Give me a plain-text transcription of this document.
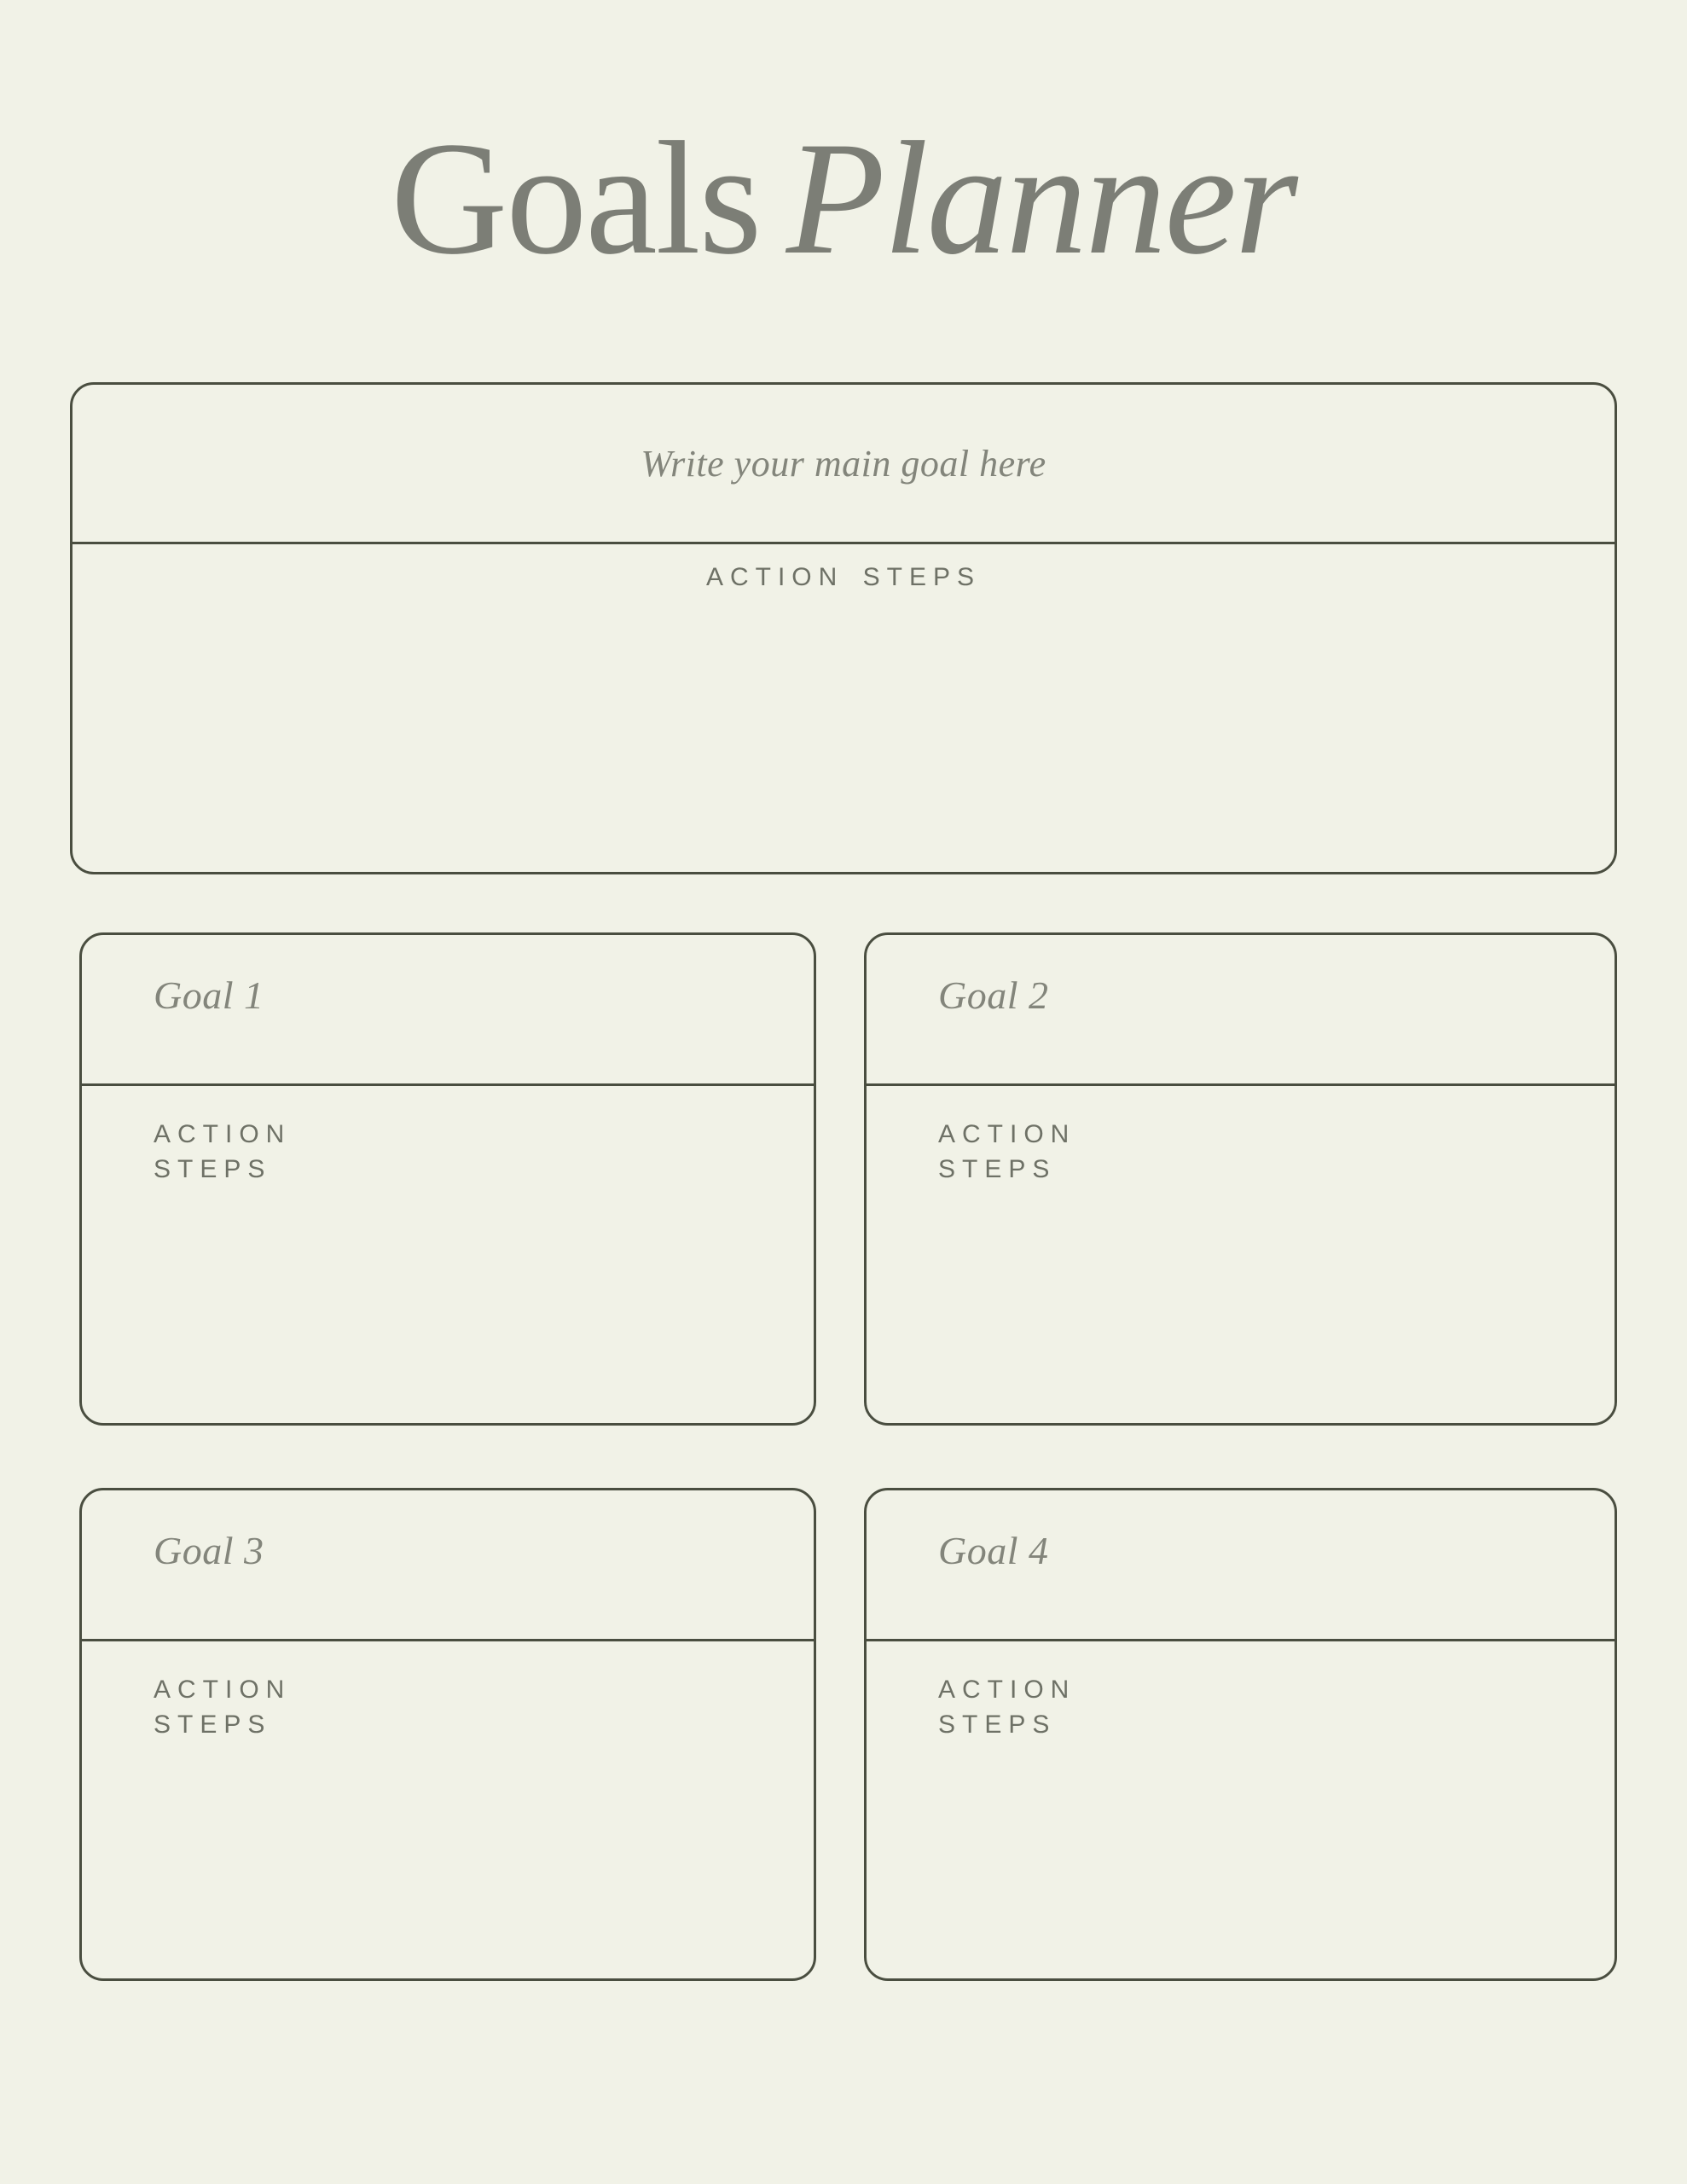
Goals Planner
Write your main goal here
ACTION STEPS
Goal 1
ACTION
STEPS
Goal 2
ACTION
STEPS
Goal 3
ACTION
STEPS
Goal 4
ACTION
STEPS
